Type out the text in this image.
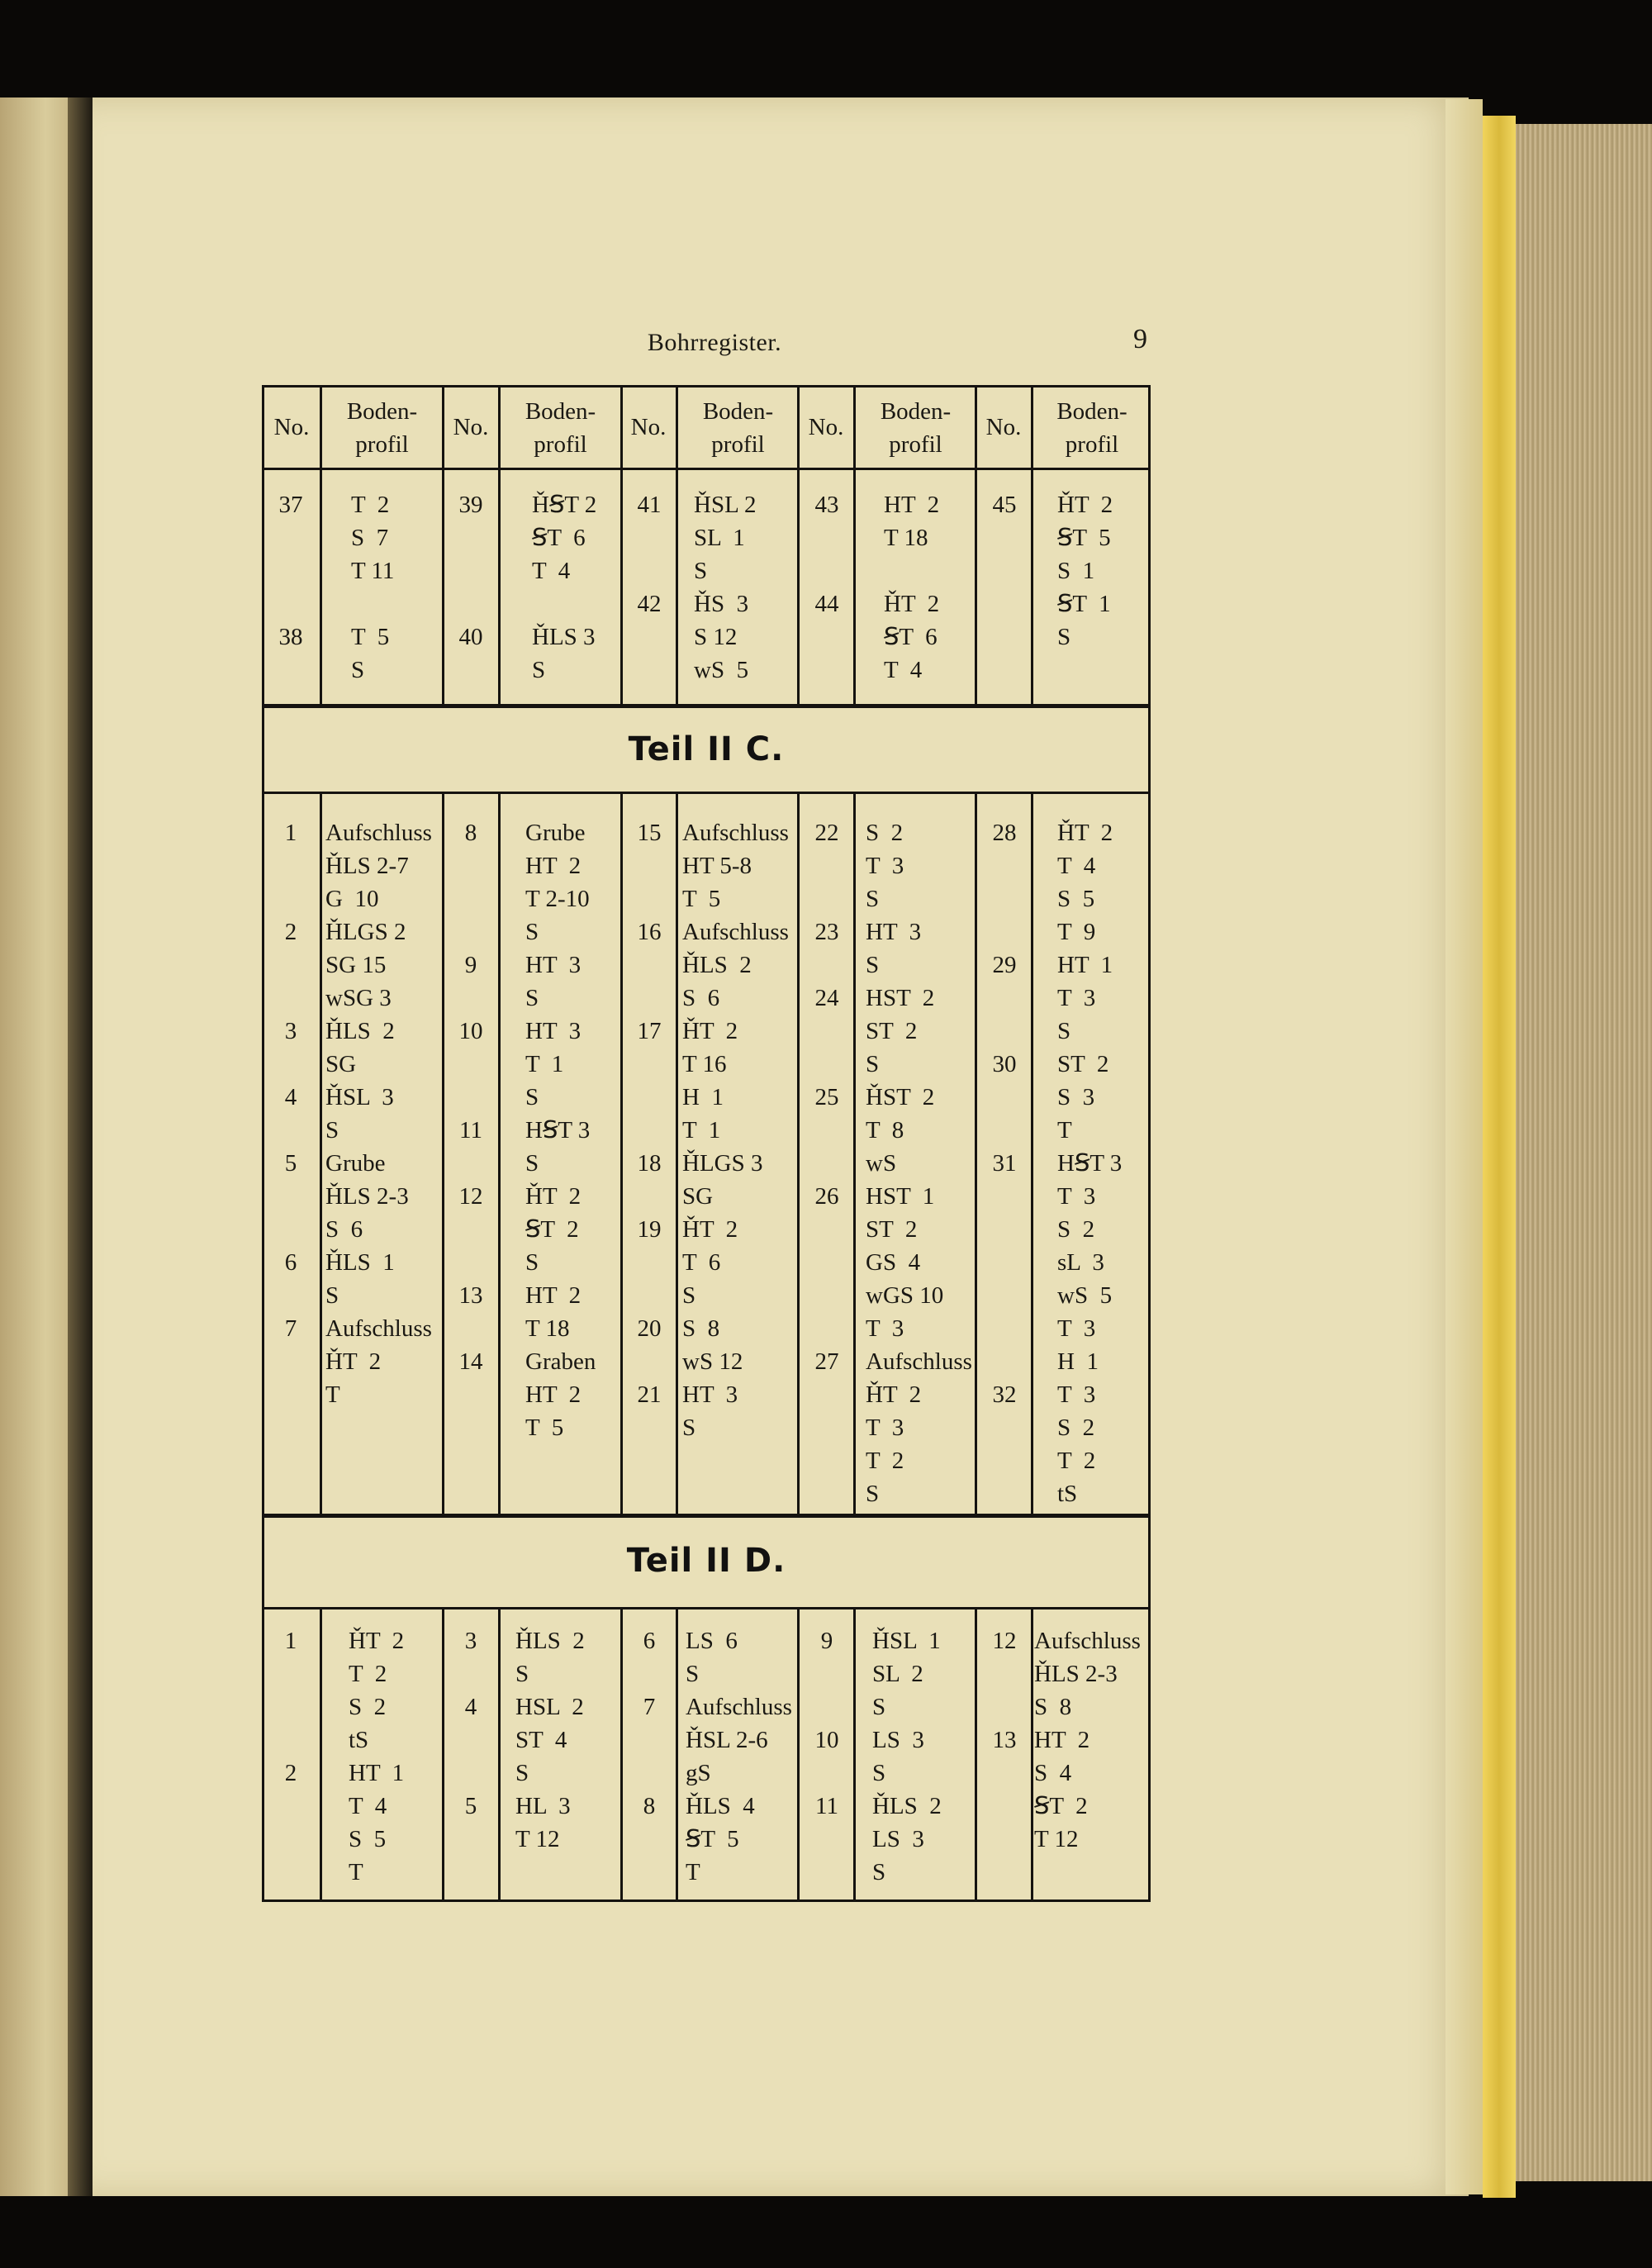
Bohrregister.	9
No.
Boden-
profil
No.
Boden-
profil
No.
Boden-
profil
No.
Boden-
profil
No.
Boden-
profil
37

38
T  2
S  7
T 11

T  5
S
39

40
ȞꞨT 2
ꞨT  6
T  4

ȞLS 3
S
41

42
ȞSL 2
SL  1
S
ȞS  3
S 12
wS  5
43

44
HT  2
T 18

ȞT  2
ꞨT  6
T  4
45	ȞT  2
ꞨT  5
S  1
ꞨT  1
S
Teil II C.
1

2

3

4

5

6

7
Aufschluss
ȞLS 2-7
G  10
ȞLGS 2
SG 15
wSG 3
ȞLS  2
SG
ȞSL  3
S
Grube
ȞLS 2-3
S  6
ȞLS  1
S
Aufschluss
ȞT  2
T
8

9

10

11

12

13

14
Grube
HT  2
T 2-10
S
HT  3
S
HT  3
T  1
S
HꞨT 3
S
ȞT  2
ꞨT  2
S
HT  2
T 18
Graben
HT  2
T  5
15

16

17

18

19

20

21
Aufschluss
HT 5-8
T  5
Aufschluss
ȞLS  2
S  6
ȞT  2
T 16
H  1
T  1
ȞLGS 3
SG
ȞT  2
T  6
S
S  8
wS 12
HT  3
S
22

23

24

25

26

27
S  2
T  3
S
HT  3
S
HST  2
ST  2
S
ȞST  2
T  8
wS
HST  1
ST  2
GS  4
wGS 10
T  3
Aufschluss
ȞT  2
T  3
T  2
S
28

29

30

31

32
ȞT  2
T  4
S  5
T  9
HT  1
T  3
S
ST  2
S  3
T
HꞨT 3
T  3
S  2
sL  3
wS  5
T  3
H  1
T  3
S  2
T  2
tS
Teil II D.
1

2
ȞT  2
T  2
S  2
tS
HT  1
T  4
S  5
T
3

4

5
ȞLS  2
S
HSL  2
ST  4
S
HL  3
T 12
6

7

8
LS  6
S
Aufschluss
ȞSL 2-6
gS
ȞLS  4
ꞨT  5
T
9

10

11
ȞSL  1
SL  2
S
LS  3
S
ȞLS  2
LS  3
S
12

13
Aufschluss
ȞLS 2-3
S  8
HT  2
S  4
ꞨT  2
T 12
